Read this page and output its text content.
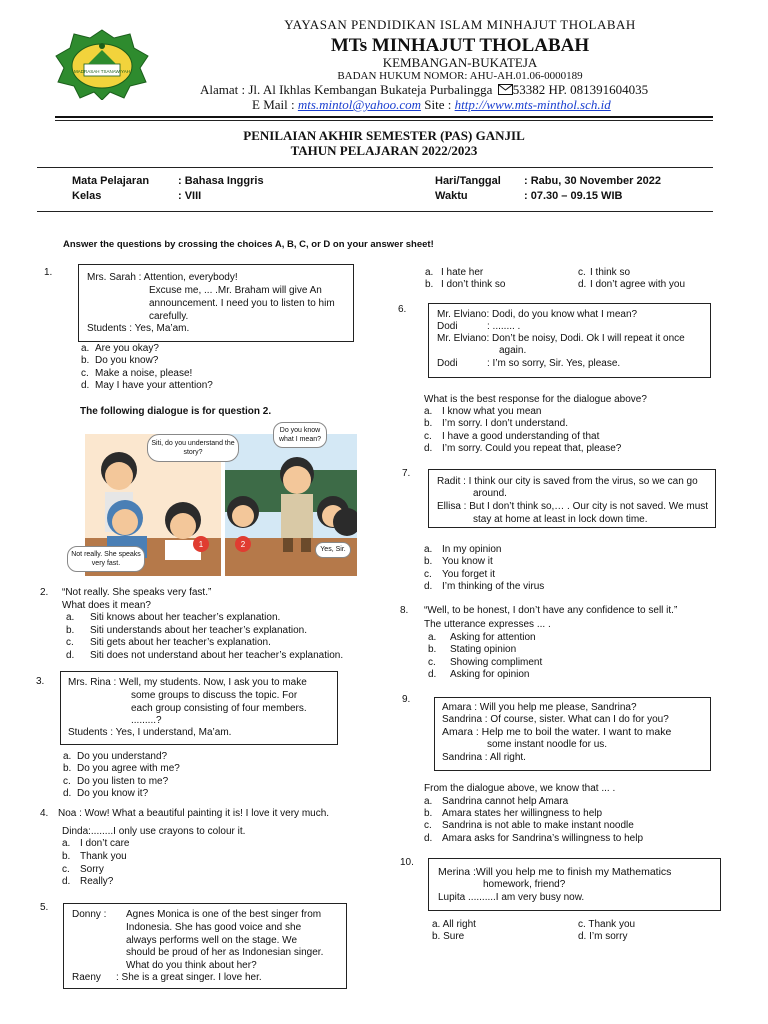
MADRASAH TSANAWIYAH
YAYASAN PENDIDIKAN ISLAM MINHAJUT THOLABAH
MTs MINHAJUT THOLABAH
KEMBANGAN-BUKATEJA
BADAN HUKUM NOMOR: AHU-AH.01.06-0000189
Alamat : Jl. Al Ikhlas Kembangan Bukateja Purbalingga 53382 HP. 081391604035
E Mail : mts.mintol@yahoo.com Site : http://www.mts-minthol.sch.id
PENILAIAN AKHIR SEMESTER (PAS) GANJIL
TAHUN PELAJARAN 2022/2023
Mata Pelajaran	: Bahasa Inggris
Kelas	: VIII
Hari/Tanggal : Rabu, 30 November 2022
Waktu	: 07.30 – 09.15 WIB
Answer the questions by crossing the choices A, B, C, or D on your answer sheet!
1.	Mrs. Sarah : Attention, everybody!
Excuse me, ... .Mr. Braham will give An
announcement. I need you to listen to him
carefully.
Students : Yes, Ma’am.
a. Are you okay?
b. Do you know?
c. Make a noise, please!
d. May I have your attention?
The following dialogue is for question 2.
1	2
Siti, do you understand the story?
Do you know what I mean?
Not really. She speaks very fast.
Yes, Sir.
2. “Not really. She speaks very fast.”
What does it mean?
a. Siti knows about her teacher’s explanation.
b. Siti understands about her teacher’s explanation.
c. Siti gets about her teacher’s explanation.
d. Siti does not understand about her teacher’s explanation.
3. Mrs. Rina : Well, my students. Now, I ask you to make
some groups to discuss the topic. For
each group consisting of four members.
.........?
Students : Yes, I understand, Ma’am.
a. Do you understand?
b. Do you agree with me?
c. Do you listen to me?
d. Do you know it?
4. Noa : Wow! What a beautiful painting it is! I love it very much.
Dinda:........I only use crayons to colour it.
a. I don’t care
b. Thank you
c. Sorry
d. Really?
5.
Donny : Agnes Monica is one of the best singer from
Indonesia. She has good voice and she
always performs well on the stage. We
should be proud of her as Indonesian singer.
What do you think about her?
Raeny : She is a great singer. I love her.
a. I hate her
b. I don’t think so
c. I think so
d. I don’t agree with you
6.	Mr. Elviano: Dodi, do you know what I mean?
Dodi	: ........ .
Mr. Elviano: Don’t be noisy, Dodi. Ok I will repeat it once
again.
Dodi	: I’m so sorry, Sir. Yes, please.
What is the best response for the dialogue above?
a. I know what you mean
b. I’m sorry. I don’t understand.
c. I have a good understanding of that
d. I’m sorry. Could you repeat that, please?
7.
Radit : I think our city is saved from the virus, so we can go
around.
Ellisa : But I don’t think so,… . Our city is not saved. We must
stay at home at least in lock down time.
a. In my opinion
b. You know it
c. You forget it
d. I’m thinking of the virus
8. “Well, to be honest, I don’t have any confidence to sell it.”
The utterance expresses ... .
a. Asking for attention
b. Stating opinion
c. Showing compliment
d. Asking for opinion
9.
Amara : Will you help me please, Sandrina?
Sandrina : Of course, sister. What can I do for you?
Amara : Help me to boil the water. I want to make
some instant noodle for us.
Sandrina : All right.
From the dialogue above, we know that ... .
a. Sandrina cannot help Amara
b. Amara states her willingness to help
c. Sandrina is not able to make instant noodle
d. Amara asks for Sandrina’s willingness to help
10.
Merina :Will you help me to finish my Mathematics
homework, friend?
Lupita ..........I am very busy now.
a. All right
b. Sure
c. Thank you
d. I’m sorry
